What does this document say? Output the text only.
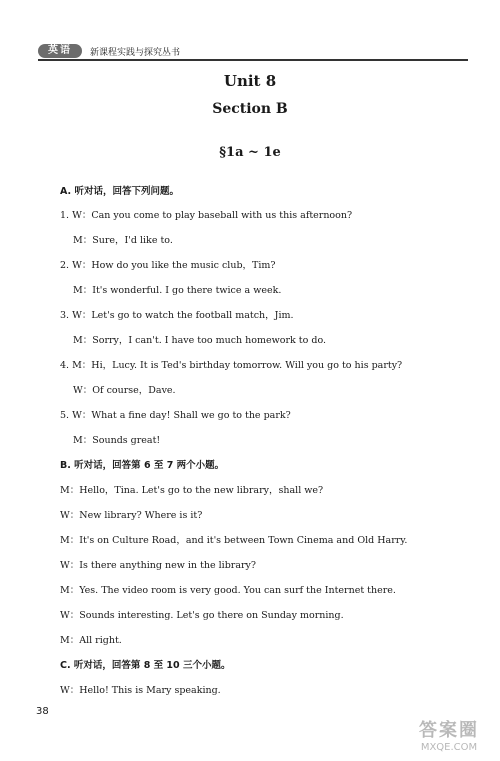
英语	新课程实践与探究丛书
Unit 8
Section B
§1a ~ 1e
A. 听对话，回答下列问题。
1. W：Can you come to play baseball with us this afternoon?
M：Sure，I'd like to.
2. W：How do you like the music club，Tim?
M：It's wonderful. I go there twice a week.
3. W：Let's go to watch the football match，Jim.
M：Sorry，I can't. I have too much homework to do.
4. M：Hi，Lucy. It is Ted's birthday tomorrow. Will you go to his party?
W：Of course，Dave.
5. W：What a fine day! Shall we go to the park?
M：Sounds great!
B. 听对话，回答第 6 至 7 两个小题。
M：Hello，Tina. Let's go to the new library，shall we?
W：New library? Where is it?
M：It's on Culture Road，and it's between Town Cinema and Old Harry.
W：Is there anything new in the library?
M：Yes. The video room is very good. You can surf the Internet there.
W：Sounds interesting. Let's go there on Sunday morning.
M：All right.
C. 听对话，回答第 8 至 10 三个小题。
W：Hello! This is Mary speaking.
38
答案圈
MXQE.COM
